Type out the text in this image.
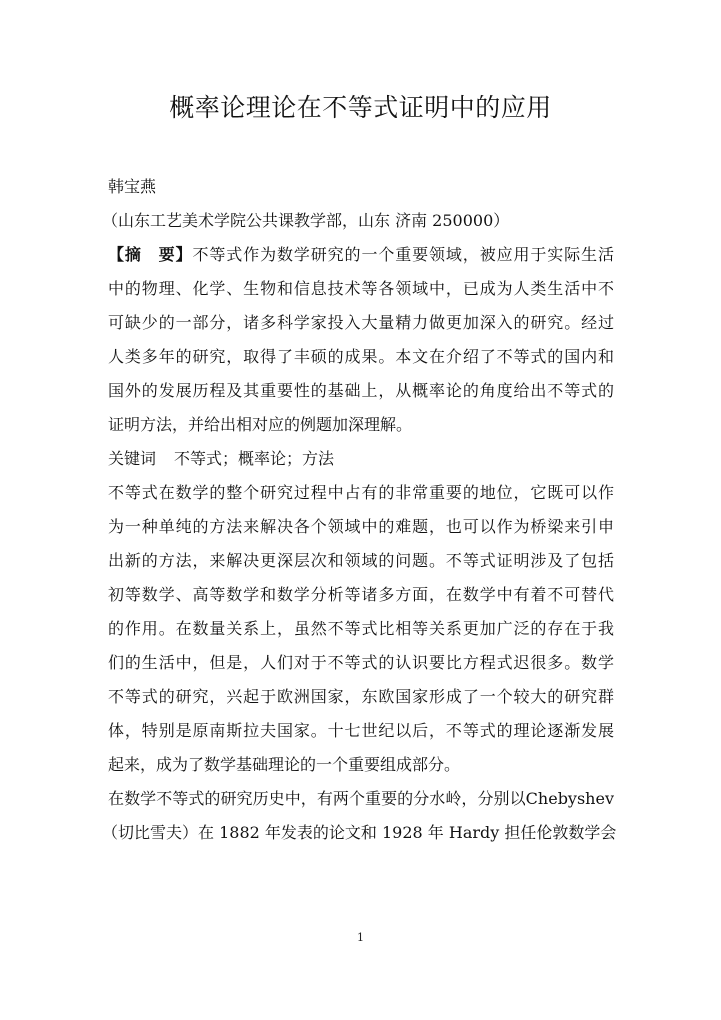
概率论理论在不等式证明中的应用
韩宝燕
（山东工艺美术学院公共课教学部，山东 济南 250000）
【摘　要】不等式作为数学研究的一个重要领域，被应用于实际生活
中的物理、化学、生物和信息技术等各领域中，已成为人类生活中不
可缺少的一部分，诸多科学家投入大量精力做更加深入的研究。经过
人类多年的研究，取得了丰硕的成果。本文在介绍了不等式的国内和
国外的发展历程及其重要性的基础上，从概率论的角度给出不等式的
证明方法，并给出相对应的例题加深理解。
关键词 不等式；概率论；方法
不等式在数学的整个研究过程中占有的非常重要的地位，它既可以作
为一种单纯的方法来解决各个领域中的难题，也可以作为桥梁来引申
出新的方法，来解决更深层次和领域的问题。不等式证明涉及了包括
初等数学、高等数学和数学分析等诸多方面，在数学中有着不可替代
的作用。在数量关系上，虽然不等式比相等关系更加广泛的存在于我
们的生活中，但是，人们对于不等式的认识要比方程式迟很多。数学
不等式的研究，兴起于欧洲国家，东欧国家形成了一个较大的研究群
体，特别是原南斯拉夫国家。十七世纪以后，不等式的理论逐渐发展
起来，成为了数学基础理论的一个重要组成部分。
在数学不等式的研究历史中，有两个重要的分水岭，分别以Chebyshev
（切比雪夫）在 1882 年发表的论文和 1928 年 Hardy 担任伦敦数学会
1
